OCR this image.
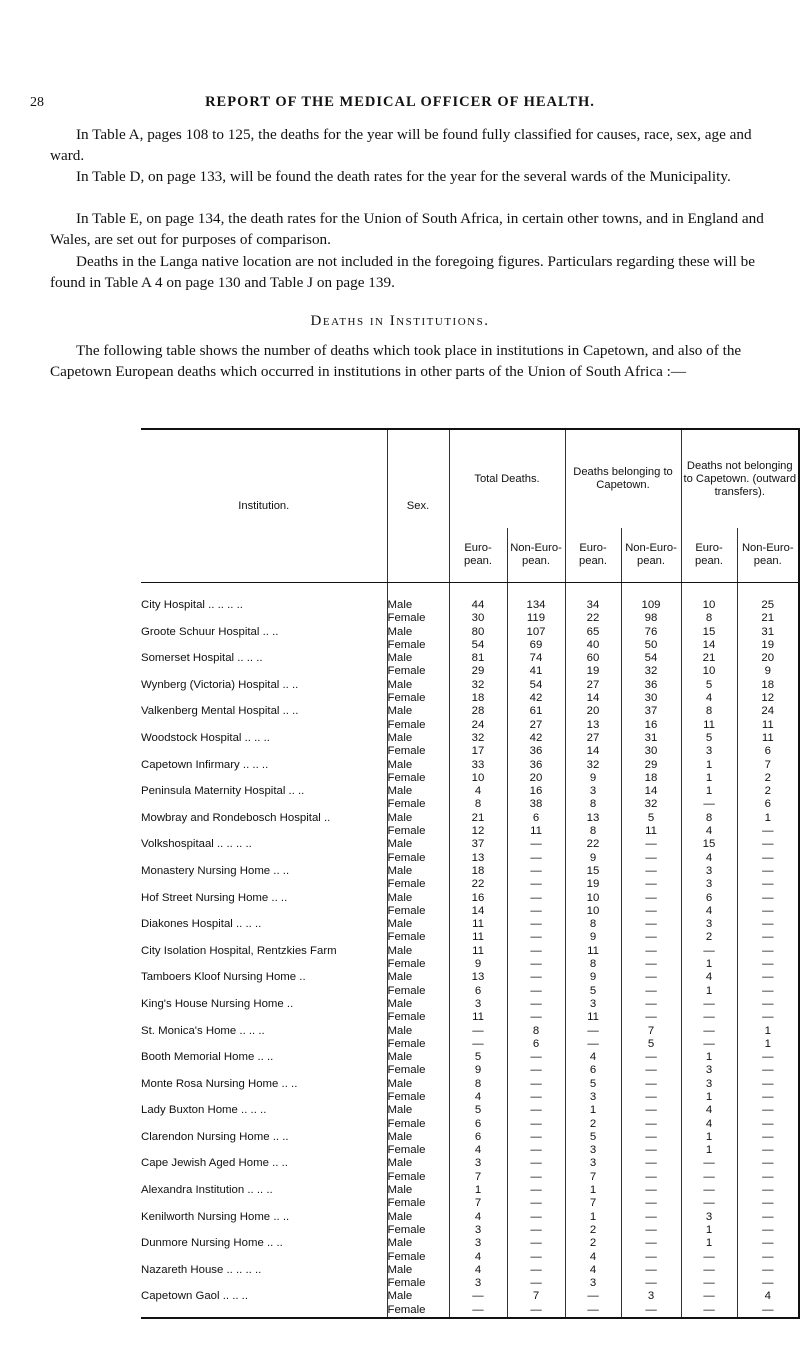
28	REPORT OF THE MEDICAL OFFICER OF HEALTH.
In Table A, pages 108 to 125, the deaths for the year will be found fully classified for causes, race, sex, age and ward.
In Table D, on page 133, will be found the death rates for the year for the several wards of the Municipality.
In Table E, on page 134, the death rates for the Union of South Africa, in certain other towns, and in England and Wales, are set out for purposes of comparison.
Deaths in the Langa native location are not included in the foregoing figures. Particulars regarding these will be found in Table A 4 on page 130 and Table J on page 139.
Deaths in Institutions.
The following table shows the number of deaths which took place in institutions in Capetown, and also of the Capetown European deaths which occurred in institutions in other parts of the Union of South Africa :—
Institution.	Sex.	Total Deaths.		Deaths belonging to Capetown.		Deaths not belonging to Capetown. (outward transfers).	
		Euro-pean.	Non-Euro-pean.	Euro-pean.	Non-Euro-pean.	Euro-pean.	Non-Euro-pean.

City Hospital .. .. .. ..	Male	44	134	34	109	10	25
	Female	30	119	22	98	8	21
Groote Schuur Hospital .. ..	Male	80	107	65	76	15	31
	Female	54	69	40	50	14	19
Somerset Hospital .. .. ..	Male	81	74	60	54	21	20
	Female	29	41	19	32	10	9
Wynberg (Victoria) Hospital .. ..	Male	32	54	27	36	5	18
	Female	18	42	14	30	4	12
Valkenberg Mental Hospital .. ..	Male	28	61	20	37	8	24
	Female	24	27	13	16	11	11
Woodstock Hospital .. .. ..	Male	32	42	27	31	5	11
	Female	17	36	14	30	3	6
Capetown Infirmary .. .. ..	Male	33	36	32	29	1	7
	Female	10	20	9	18	1	2
Peninsula Maternity Hospital .. ..	Male	4	16	3	14	1	2
	Female	8	38	8	32	—	6
Mowbray and Rondebosch Hospital ..	Male	21	6	13	5	8	1
	Female	12	11	8	11	4	—
Volkshospitaal .. .. .. ..	Male	37	—	22	—	15	—
	Female	13	—	9	—	4	—
Monastery Nursing Home .. ..	Male	18	—	15	—	3	—
	Female	22	—	19	—	3	—
Hof Street Nursing Home .. ..	Male	16	—	10	—	6	—
	Female	14	—	10	—	4	—
Diakones Hospital .. .. ..	Male	11	—	8	—	3	—
	Female	11	—	9	—	2	—
City Isolation Hospital, Rentzkies Farm	Male	11	—	11	—	—	—
	Female	9	—	8	—	1	—
Tamboers Kloof Nursing Home ..	Male	13	—	9	—	4	—
	Female	6	—	5	—	1	—
King's House Nursing Home ..	Male	3	—	3	—	—	—
	Female	11	—	11	—	—	—
St. Monica's Home .. .. ..	Male	—	8	—	7	—	1
	Female	—	6	—	5	—	1
Booth Memorial Home .. ..	Male	5	—	4	—	1	—
	Female	9	—	6	—	3	—
Monte Rosa Nursing Home .. ..	Male	8	—	5	—	3	—
	Female	4	—	3	—	1	—
Lady Buxton Home .. .. ..	Male	5	—	1	—	4	—
	Female	6	—	2	—	4	—
Clarendon Nursing Home .. ..	Male	6	—	5	—	1	—
	Female	4	—	3	—	1	—
Cape Jewish Aged Home .. ..	Male	3	—	3	—	—	—
	Female	7	—	7	—	—	—
Alexandra Institution .. .. ..	Male	1	—	1	—	—	—
	Female	7	—	7	—	—	—
Kenilworth Nursing Home .. ..	Male	4	—	1	—	3	—
	Female	3	—	2	—	1	—
Dunmore Nursing Home .. ..	Male	3	—	2	—	1	—
	Female	4	—	4	—	—	—
Nazareth House .. .. .. ..	Male	4	—	4	—	—	—
	Female	3	—	3	—	—	—
Capetown Gaol .. .. ..	Male	—	7	—	3	—	4
	Female	—	—	—	—	—	—
